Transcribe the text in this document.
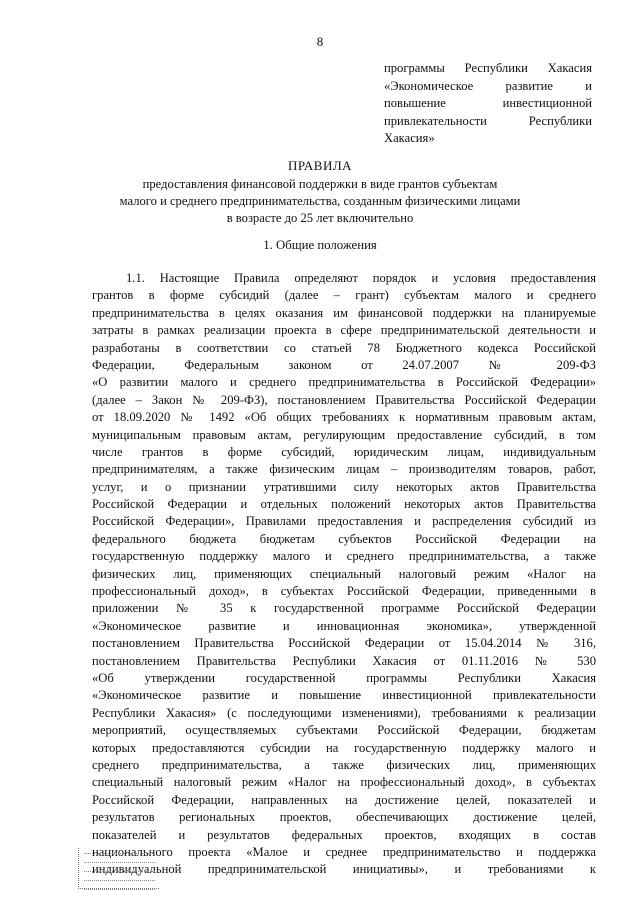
8
программы Республики Хакасия
«Экономическое развитие и
повышение инвестиционной
привлекательности Республики
Хакасия»
ПРАВИЛА
предоставления финансовой поддержки в виде грантов субъектам
малого и среднего предпринимательства, созданным физическими лицами
в возрасте до 25 лет включительно
1. Общие положения
1.1. Настоящие Правила определяют порядок и условия предоставления
грантов в форме субсидий (далее – грант) субъектам малого и среднего
предпринимательства в целях оказания им финансовой поддержки на планируемые
затраты в рамках реализации проекта в сфере предпринимательской деятельности и
разработаны в соответствии со статьей 78 Бюджетного кодекса Российской
Федерации, Федеральным законом от 24.07.2007 № 209-ФЗ
«О развитии малого и среднего предпринимательства в Российской Федерации»
(далее – Закон № 209-ФЗ), постановлением Правительства Российской Федерации
от 18.09.2020 № 1492 «Об общих требованиях к нормативным правовым актам,
муниципальным правовым актам, регулирующим предоставление субсидий, в том
числе грантов в форме субсидий, юридическим лицам, индивидуальным
предпринимателям, а также физическим лицам – производителям товаров, работ,
услуг, и о признании утратившими силу некоторых актов Правительства
Российской Федерации и отдельных положений некоторых актов Правительства
Российской Федерации», Правилами предоставления и распределения субсидий из
федерального бюджета бюджетам субъектов Российской Федерации на
государственную поддержку малого и среднего предпринимательства, а также
физических лиц, применяющих специальный налоговый режим «Налог на
профессиональный доход», в субъектах Российской Федерации, приведенными в
приложении № 35 к государственной программе Российской Федерации
«Экономическое развитие и инновационная экономика», утвержденной
постановлением Правительства Российской Федерации от 15.04.2014 № 316,
постановлением Правительства Республики Хакасия от 01.11.2016 № 530
«Об утверждении государственной программы Республики Хакасия
«Экономическое развитие и повышение инвестиционной привлекательности
Республики Хакасия» (с последующими изменениями), требованиями к реализации
мероприятий, осуществляемых субъектами Российской Федерации, бюджетам
которых предоставляются субсидии на государственную поддержку малого и
среднего предпринимательства, а также физических лиц, применяющих
специальный налоговый режим «Налог на профессиональный доход», в субъектах
Российской Федерации, направленных на достижение целей, показателей и
результатов региональных проектов, обеспечивающих достижение целей,
показателей и результатов федеральных проектов, входящих в состав
национального проекта «Малое и среднее предпринимательство и поддержка
индивидуальной предпринимательской инициативы», и требованиями к
